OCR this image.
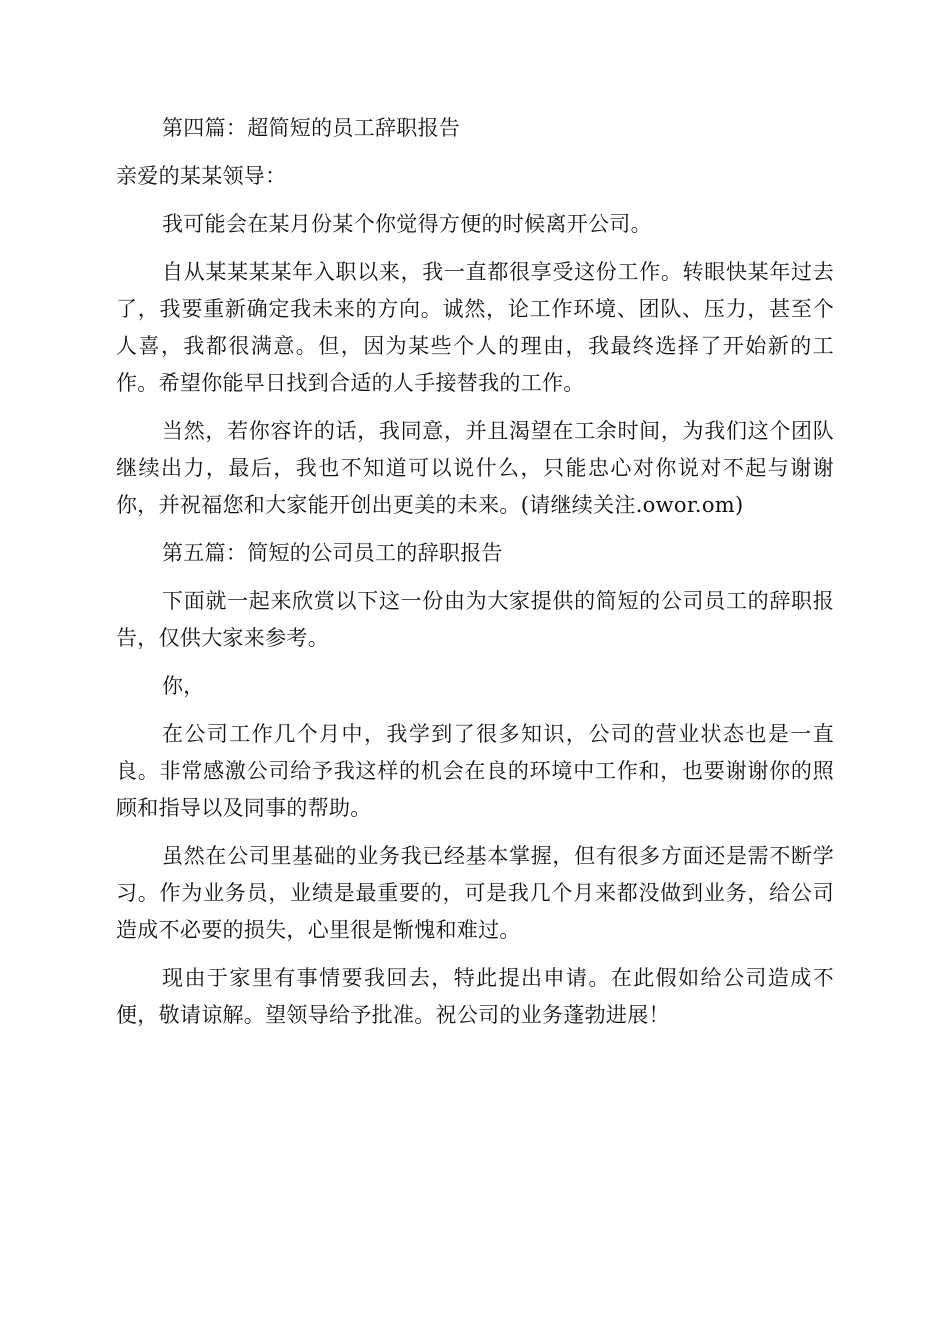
第四篇：超简短的员工辞职报告

亲爱的某某领导：

我可能会在某月份某个你觉得方便的时候离开公司。

自从某某某某年入职以来，我一直都很享受这份工作。转眼快某年过去了，我要重新确定我未来的方向。诚然，论工作环境、团队、压力，甚至个人喜，我都很满意。但，因为某些个人的理由，我最终选择了开始新的工作。希望你能早日找到合适的人手接替我的工作。

当然，若你容许的话，我同意，并且渴望在工余时间，为我们这个团队继续出力，最后，我也不知道可以说什么，只能忠心对你说对不起与谢谢你，并祝福您和大家能开创出更美的未来。(请继续关注.owor.om)

第五篇：简短的公司员工的辞职报告

下面就一起来欣赏以下这一份由为大家提供的简短的公司员工的辞职报告，仅供大家来参考。

你，

在公司工作几个月中，我学到了很多知识，公司的营业状态也是一直良。非常感激公司给予我这样的机会在良的环境中工作和，也要谢谢你的照顾和指导以及同事的帮助。

虽然在公司里基础的业务我已经基本掌握，但有很多方面还是需不断学习。作为业务员，业绩是最重要的，可是我几个月来都没做到业务，给公司造成不必要的损失，心里很是惭愧和难过。

现由于家里有事情要我回去，特此提出申请。在此假如给公司造成不便，敬请谅解。望领导给予批准。祝公司的业务蓬勃进展！
